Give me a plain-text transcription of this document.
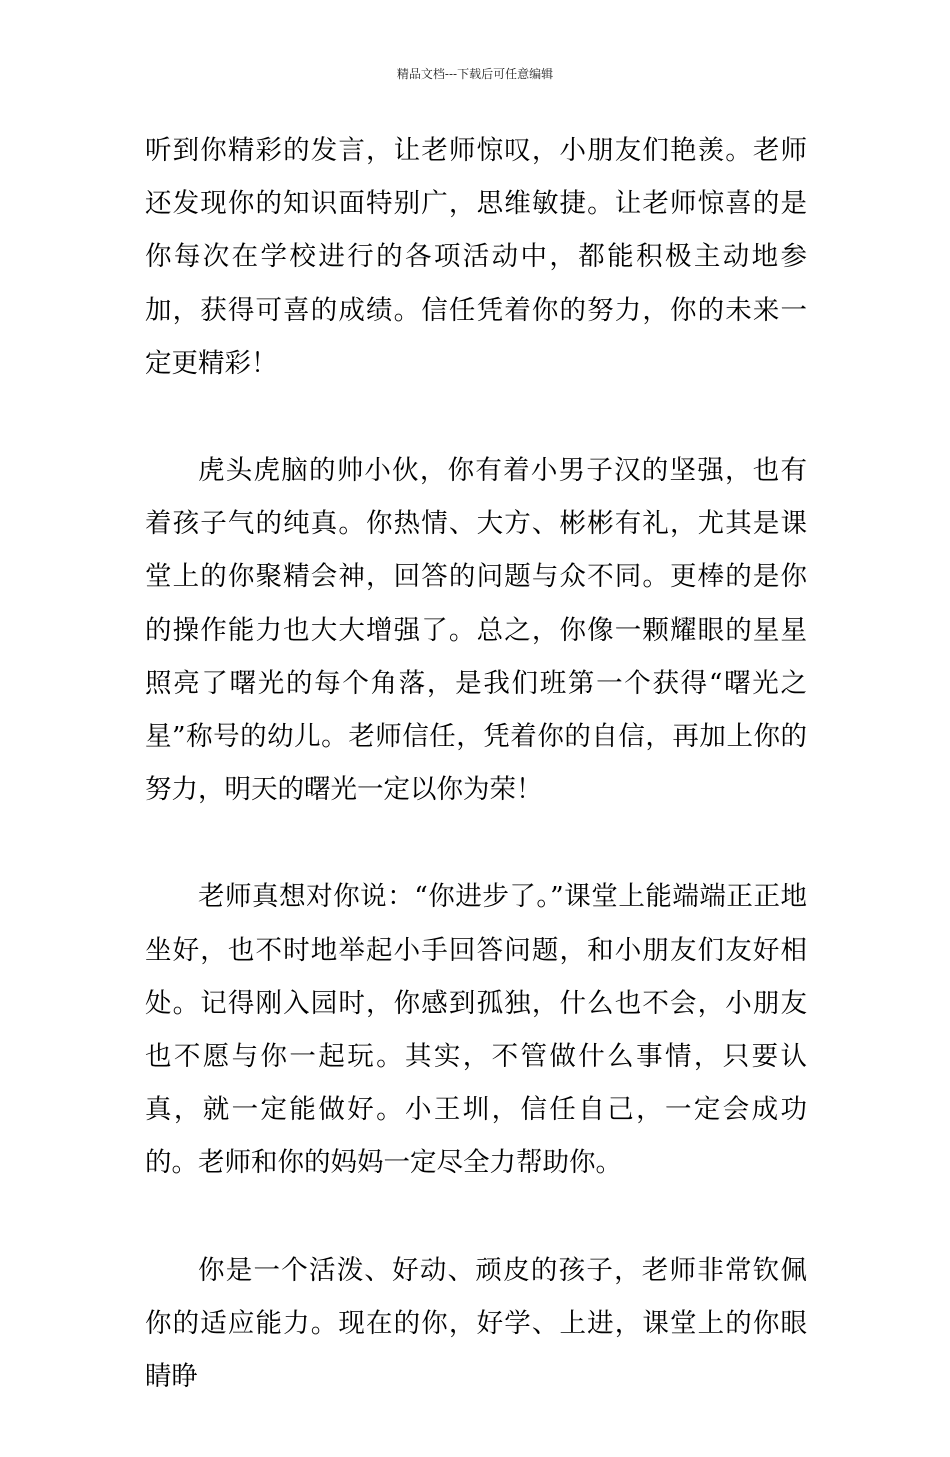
精品文档---下载后可任意编辑

听到你精彩的发言，让老师惊叹，小朋友们艳羡。老师还发现你的知识面特别广，思维敏捷。让老师惊喜的是你每次在学校进行的各项活动中，都能积极主动地参加，获得可喜的成绩。信任凭着你的努力，你的未来一定更精彩！

虎头虎脑的帅小伙，你有着小男子汉的坚强，也有着孩子气的纯真。你热情、大方、彬彬有礼，尤其是课堂上的你聚精会神，回答的问题与众不同。更棒的是你的操作能力也大大增强了。总之，你像一颗耀眼的星星照亮了曙光的每个角落，是我们班第一个获得“曙光之星”称号的幼儿。老师信任，凭着你的自信，再加上你的努力，明天的曙光一定以你为荣！

老师真想对你说：“你进步了。”课堂上能端端正正地坐好，也不时地举起小手回答问题，和小朋友们友好相处。记得刚入园时，你感到孤独，什么也不会，小朋友也不愿与你一起玩。其实，不管做什么事情，只要认真，就一定能做好。小王圳，信任自己，一定会成功的。老师和你的妈妈一定尽全力帮助你。

你是一个活泼、好动、顽皮的孩子，老师非常钦佩你的适应能力。现在的你，好学、上进，课堂上的你眼睛睁
